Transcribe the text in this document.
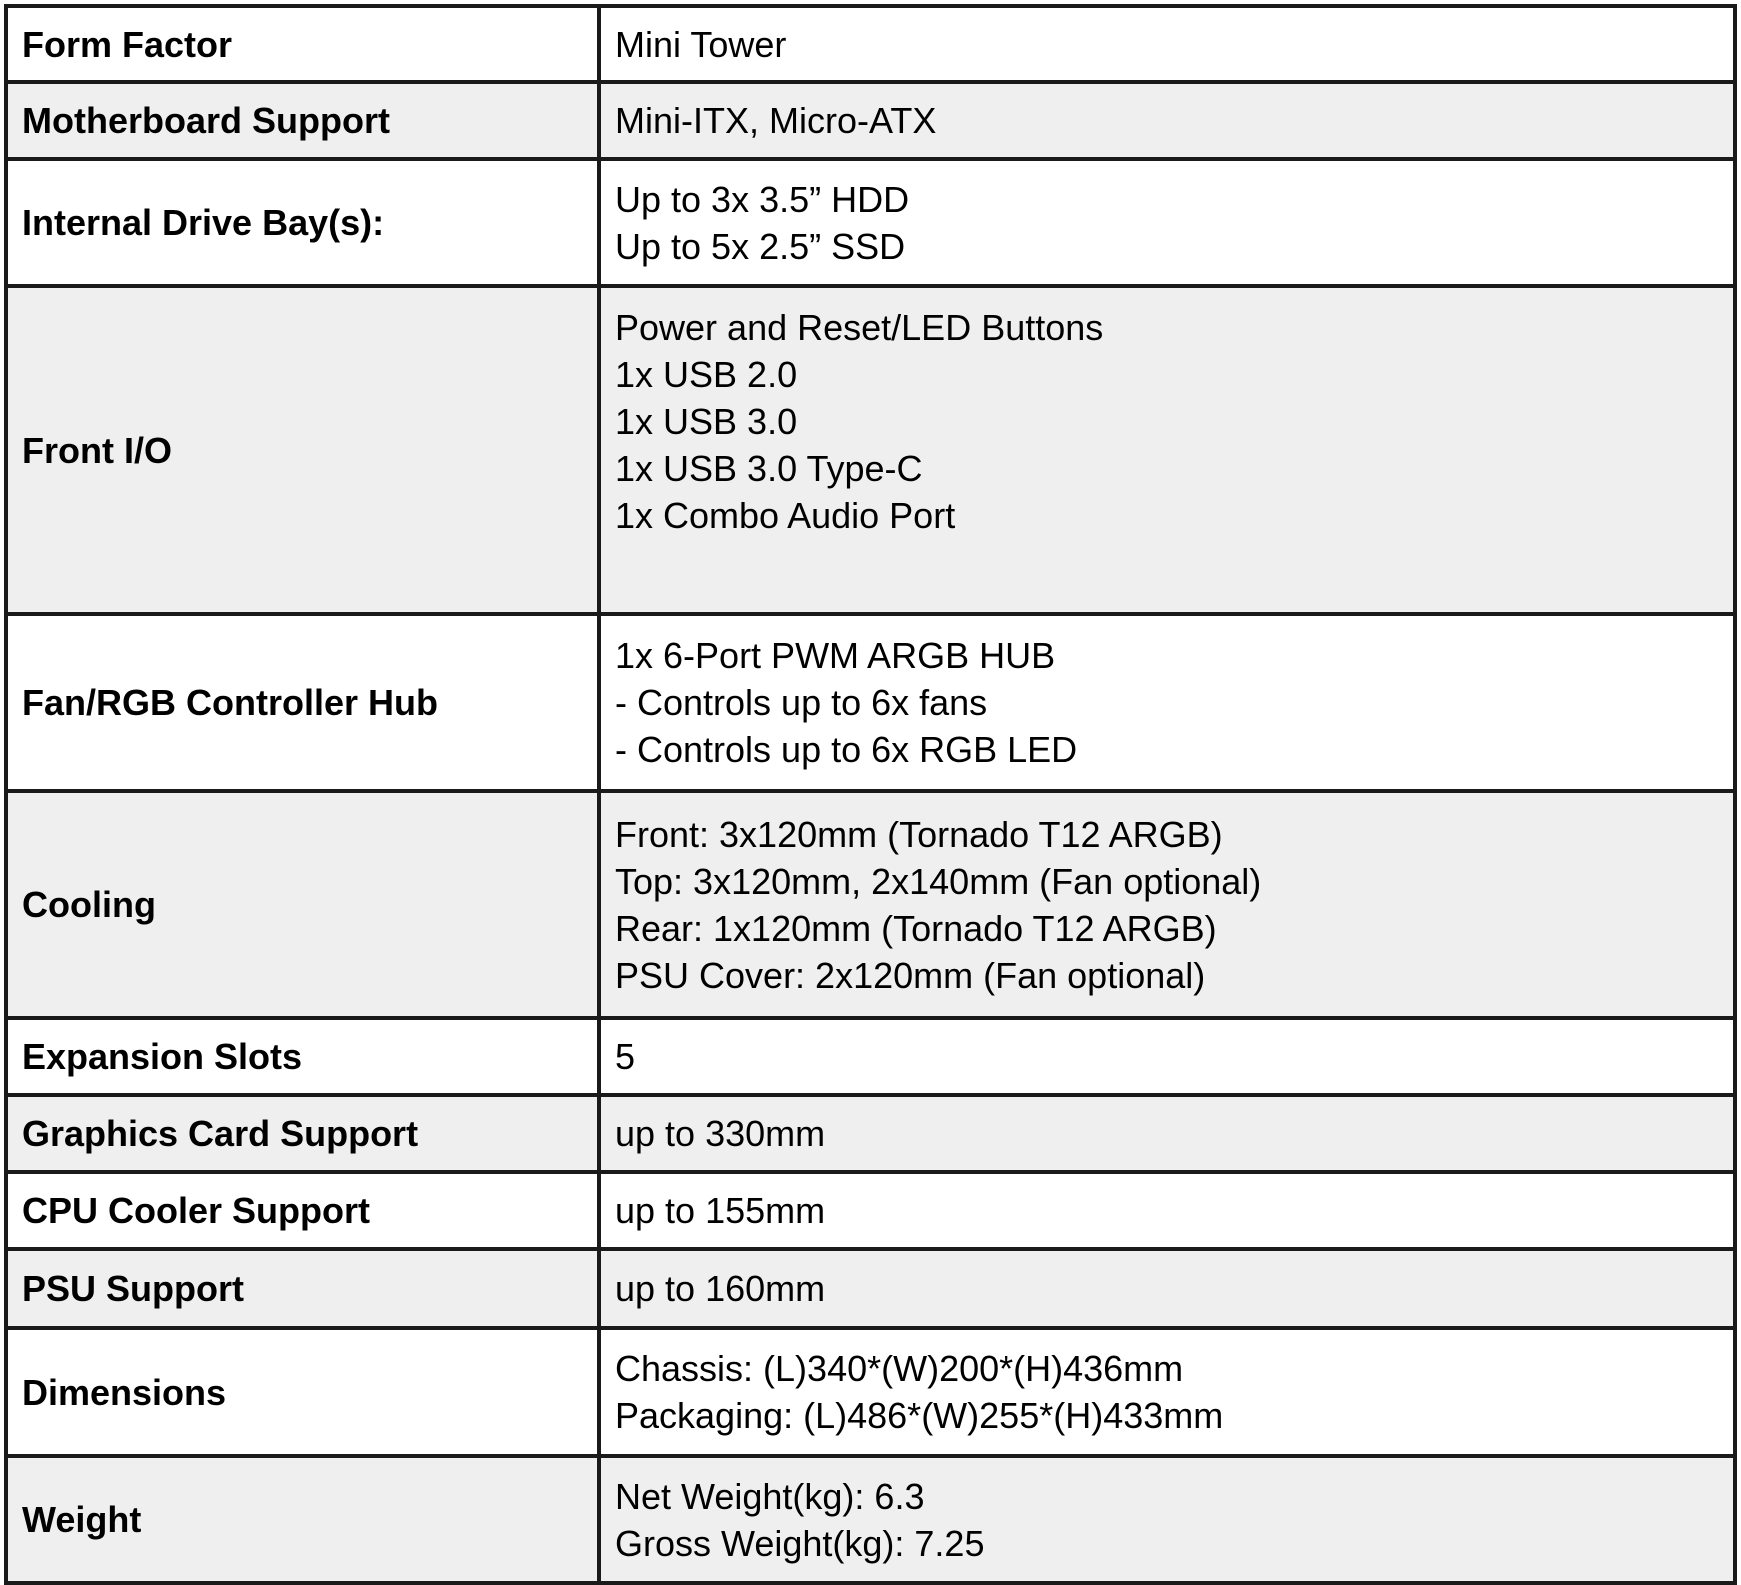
Form Factor	Mini Tower

Motherboard Support	Mini-ITX, Micro-ATX

Internal Drive Bay(s):	Up to 3x 3.5” HDD
Up to 5x 2.5” SSD

Front I/O	Power and Reset/LED Buttons
1x USB 2.0
1x USB 3.0
1x USB 3.0 Type-C
1x Combo Audio Port

Fan/RGB Controller Hub	1x 6-Port PWM ARGB HUB
- Controls up to 6x fans
- Controls up to 6x RGB LED

Cooling	Front: 3x120mm (Tornado T12 ARGB)
Top: 3x120mm, 2x140mm (Fan optional)
Rear: 1x120mm (Tornado T12 ARGB)
PSU Cover: 2x120mm (Fan optional)

Expansion Slots	5

Graphics Card Support	up to 330mm

CPU Cooler Support	up to 155mm

PSU Support	up to 160mm

Dimensions	Chassis: (L)340*(W)200*(H)436mm
Packaging: (L)486*(W)255*(H)433mm

Weight	Net Weight(kg): 6.3
Gross Weight(kg): 7.25
